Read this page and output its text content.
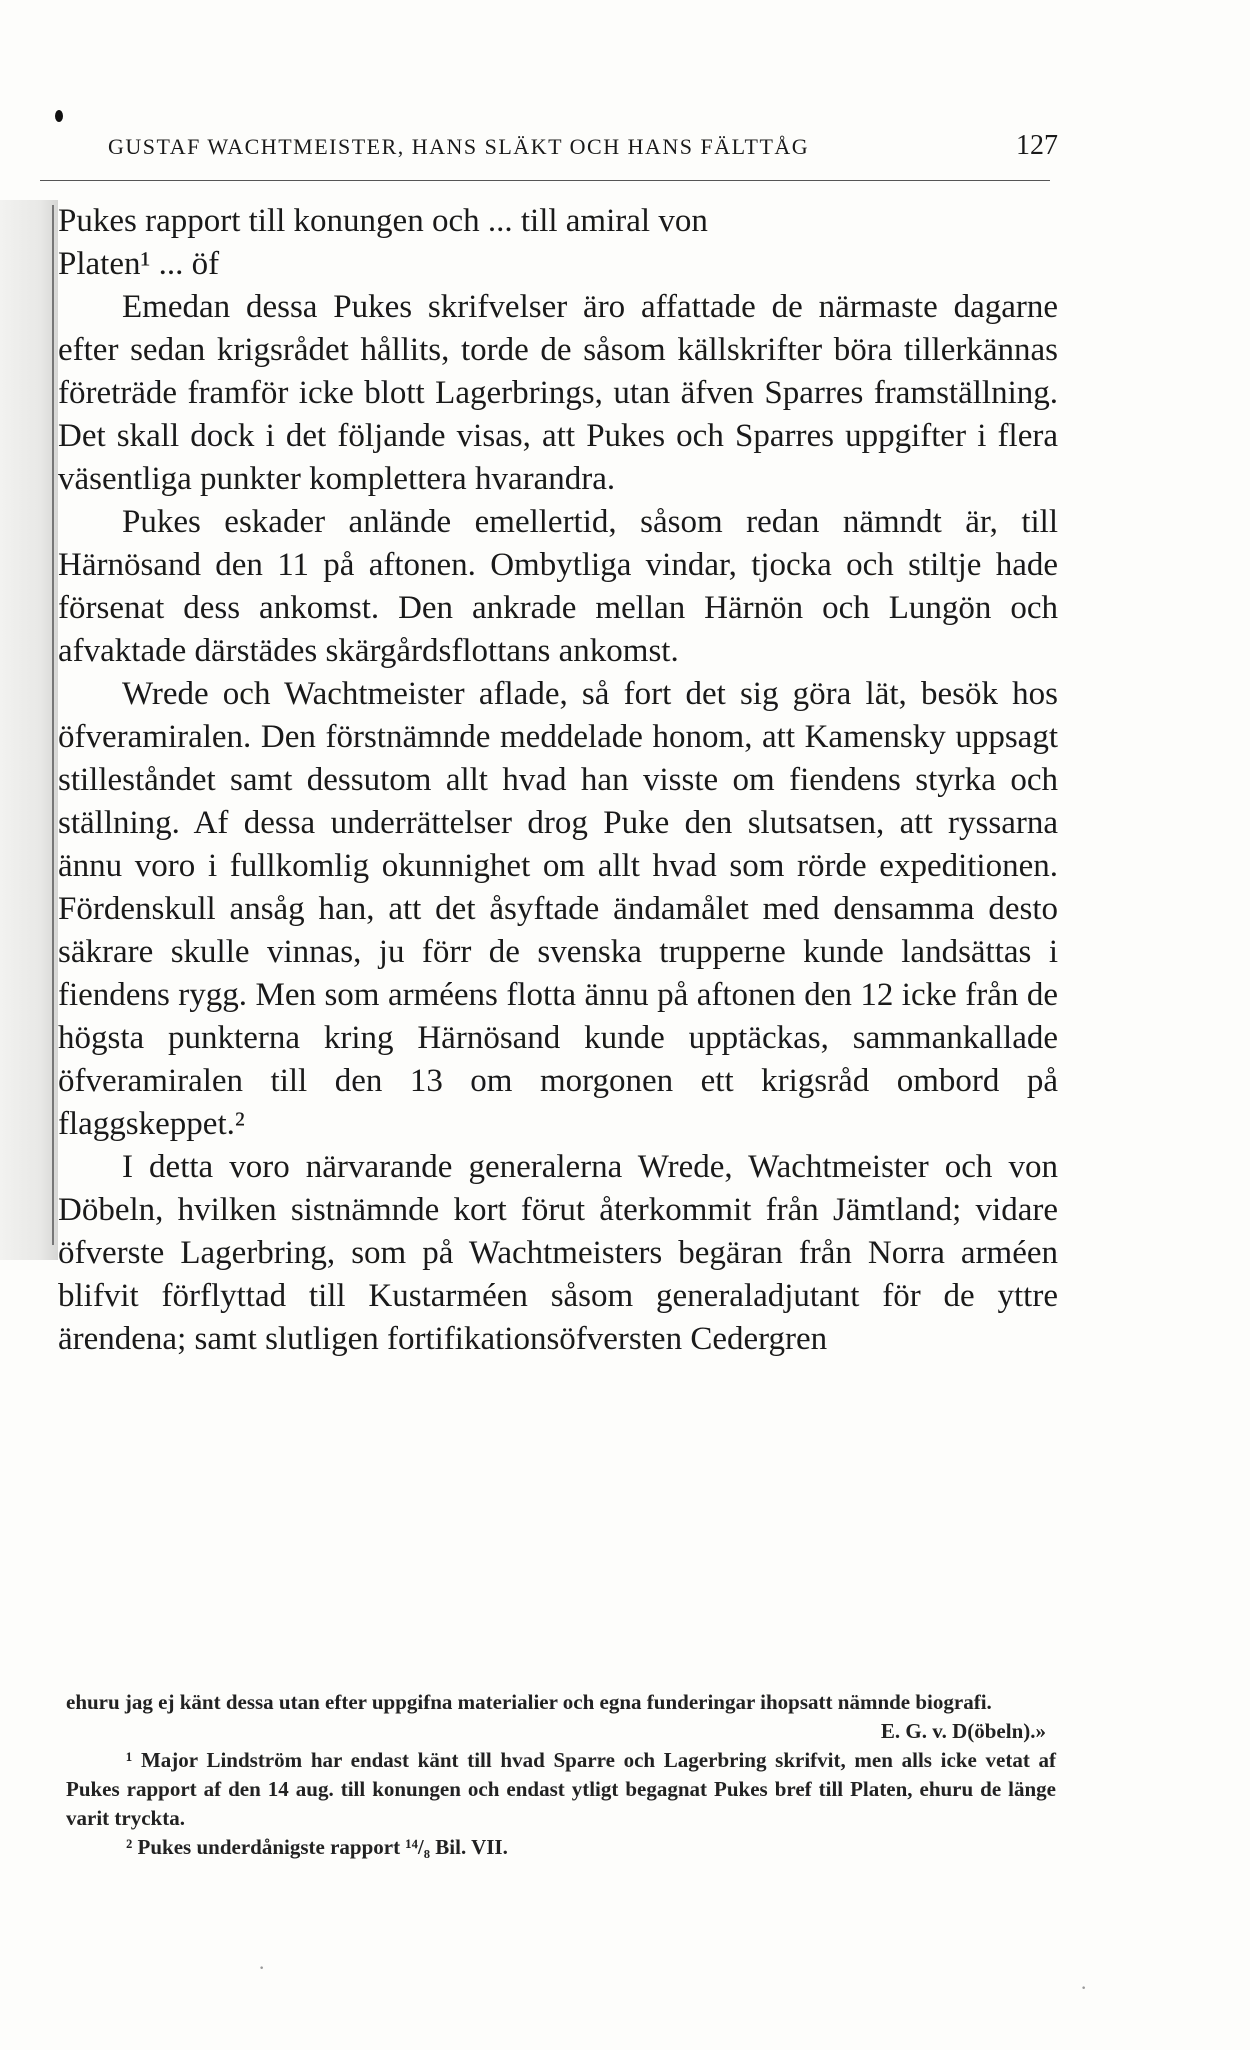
GUSTAF WACHTMEISTER, HANS SLÄKT OCH HANS FÄLTTÅG	127

Pukes rapport till konungen och ... till amiral von

Platen¹ ... öf

Emedan dessa Pukes skrifvelser äro affattade de närmaste dagarne efter sedan krigsrådet hållits, torde de såsom källskrifter böra tillerkännas företräde framför icke blott Lagerbrings, utan äfven Sparres framställning. Det skall dock i det följande visas, att Pukes och Sparres uppgifter i flera väsentliga punkter komplettera hvarandra.

Pukes eskader anlände emellertid, såsom redan nämndt är, till Härnösand den 11 på aftonen. Ombytliga vindar, tjocka och stiltje hade försenat dess ankomst. Den ankrade mellan Härnön och Lungön och afvaktade därstädes skärgårdsflottans ankomst.

Wrede och Wachtmeister aflade, så fort det sig göra lät, besök hos öfveramiralen. Den förstnämnde meddelade honom, att Kamensky uppsagt stilleståndet samt dessutom allt hvad han visste om fiendens styrka och ställning. Af dessa underrättelser drog Puke den slutsatsen, att ryssarna ännu voro i fullkomlig okunnighet om allt hvad som rörde expeditionen. Fördenskull ansåg han, att det åsyftade ändamålet med densamma desto säkrare skulle vinnas, ju förr de svenska trupperne kunde landsättas i fiendens rygg. Men som arméens flotta ännu på aftonen den 12 icke från de högsta punkterna kring Härnösand kunde upptäckas, sammankallade öfveramiralen till den 13 om morgonen ett krigsråd ombord på flaggskeppet.²

I detta voro närvarande generalerna Wrede, Wachtmeister och von Döbeln, hvilken sistnämnde kort förut återkommit från Jämtland; vidare öfverste Lagerbring, som på Wachtmeisters begäran från Norra arméen blifvit förflyttad till Kustarméen såsom generaladjutant för de yttre ärendena; samt slutligen fortifikationsöfversten Cedergren

ehuru jag ej känt dessa utan efter uppgifna materialier och egna funderingar ihopsatt nämnde biografi.

E. G. v. D(öbeln).»

¹ Major Lindström har endast känt till hvad Sparre och Lagerbring skrifvit, men alls icke vetat af Pukes rapport af den 14 aug. till konungen och endast ytligt begagnat Pukes bref till Platen, ehuru de länge varit tryckta.

² Pukes underdånigste rapport ¹⁴/₈ Bil. VII.

·
·
